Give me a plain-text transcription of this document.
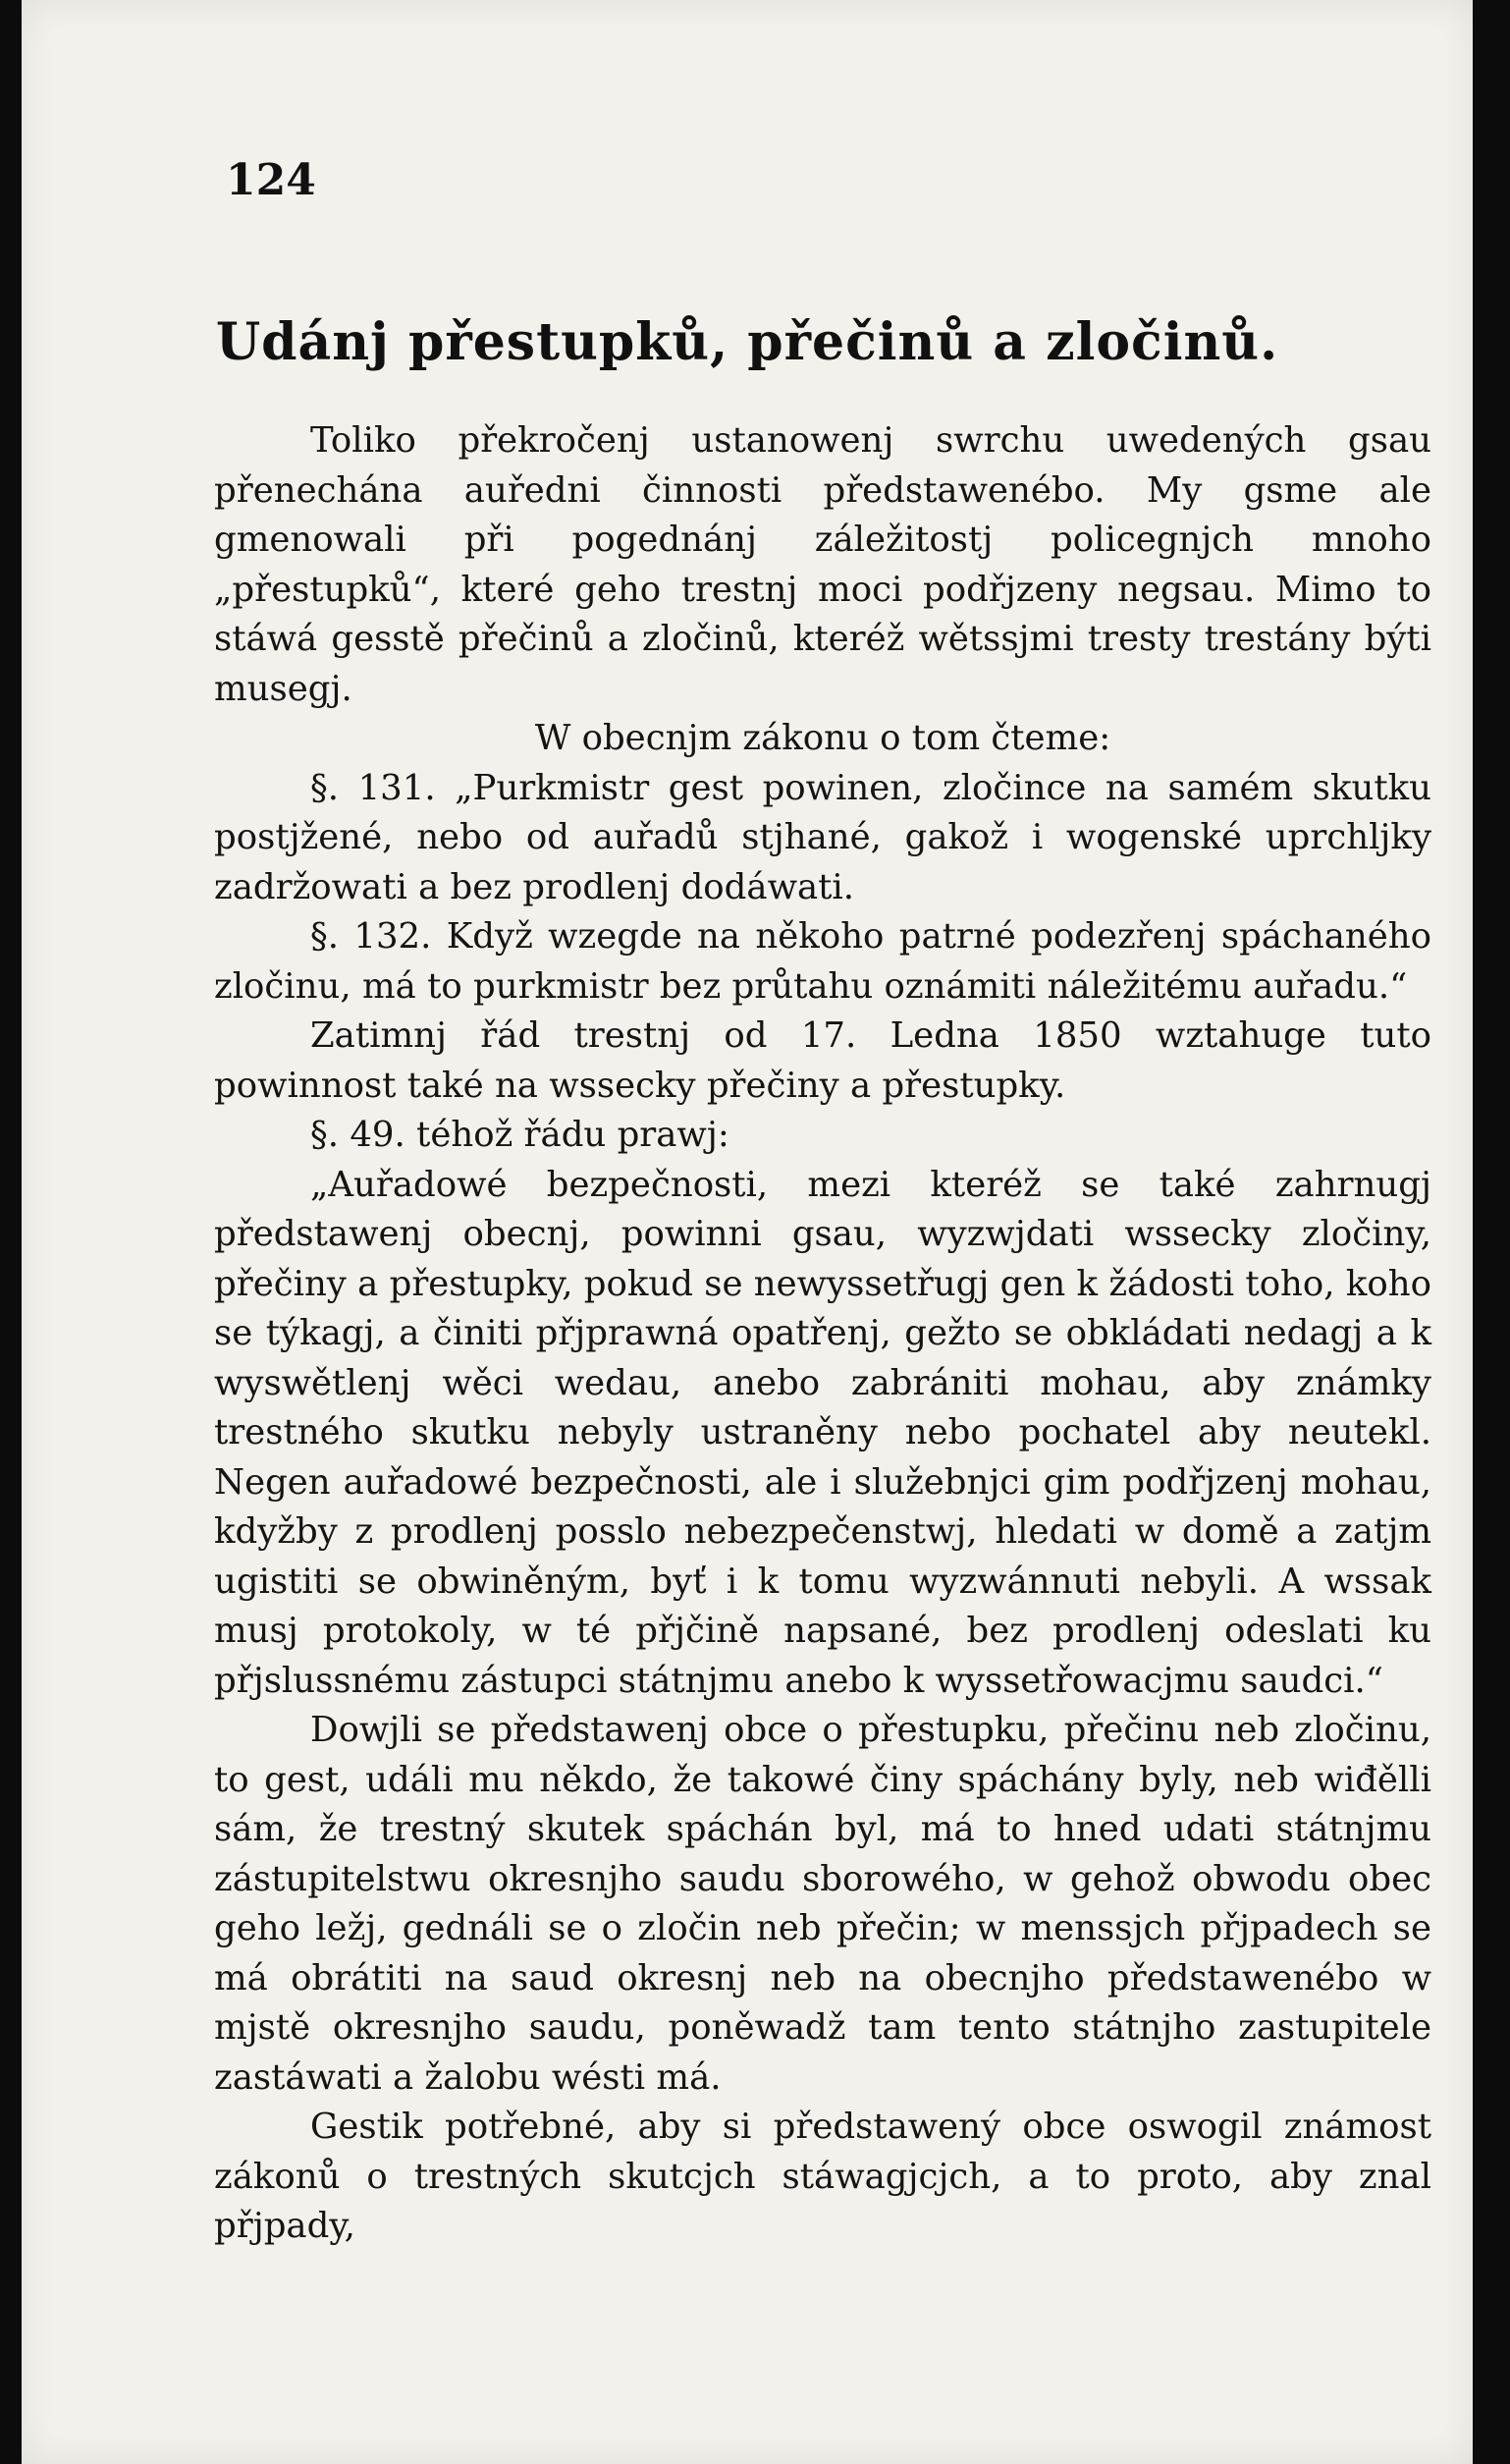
124
Udánj přestupků, přečinů a zločinů.

Toliko překročenj ustanowenj swrchu uwedených gsau přenechána auředni činnosti předstawenébo. My gsme ale gmenowali při pogednánj záležitostj policegnjch mnoho „přestupků“, které geho trestnj moci podřjzeny negsau. Mimo to stáwá gesstě přečinů a zločinů, kteréž wětssjmi tresty trestány býti musegj.

W obecnjm zákonu o tom čteme:

§. 131. „Purkmistr gest powinen, zločince na samém skutku postjžené, nebo od auřadů stjhané, gakož i wogenské uprchljky zadržowati a bez prodlenj dodáwati.

§. 132. Když wzegde na někoho patrné podezřenj spáchaného zločinu, má to purkmistr bez průtahu oznámiti náležitému auřadu.“

Zatimnj řád trestnj od 17. Ledna 1850 wztahuge tuto powinnost také na wssecky přečiny a přestupky.

§. 49. téhož řádu prawj:

„Auřadowé bezpečnosti, mezi kteréž se také zahrnugj předstawenj obecnj, powinni gsau, wyzwjdati wssecky zločiny, přečiny a přestupky, pokud se newyssetřugj gen k žádosti toho, koho se týkagj, a činiti přjprawná opatřenj, gežto se obkládati nedagj a k wyswětlenj wěci wedau, anebo zabrániti mohau, aby známky trestného skutku nebyly ustraněny nebo pochatel aby neutekl. Negen auřadowé bezpečnosti, ale i služebnjci gim podřjzenj mohau, kdyžby z prodlenj posslo nebezpečenstwj, hledati w domě a zatjm ugistiti se obwiněným, byť i k tomu wyzwánnuti nebyli. A wssak musj protokoly, w té přjčině napsané, bez prodlenj odeslati ku přjslussnému zástupci státnjmu anebo k wyssetřowacjmu saudci.“

Dowjli se předstawenj obce o přestupku, přečinu neb zločinu, to gest, událi mu někdo, že takowé činy spáchány byly, neb wiđělli sám, že trestný skutek spáchán byl, má to hned udati státnjmu zástupitelstwu okresnjho saudu sborowého, w gehož obwodu obec geho ležj, gednáli se o zločin neb přečin; w menssjch přjpadech se má obrátiti na saud okresnj neb na obecnjho předstawenébo w mjstě okresnjho saudu, poněwadž tam tento státnjho zastupitele zastáwati a žalobu wésti má.

Gestik potřebné, aby si předstawený obce oswogil známost zákonů o trestných skutcjch stáwagjcjch, a to proto, aby znal přjpady,
